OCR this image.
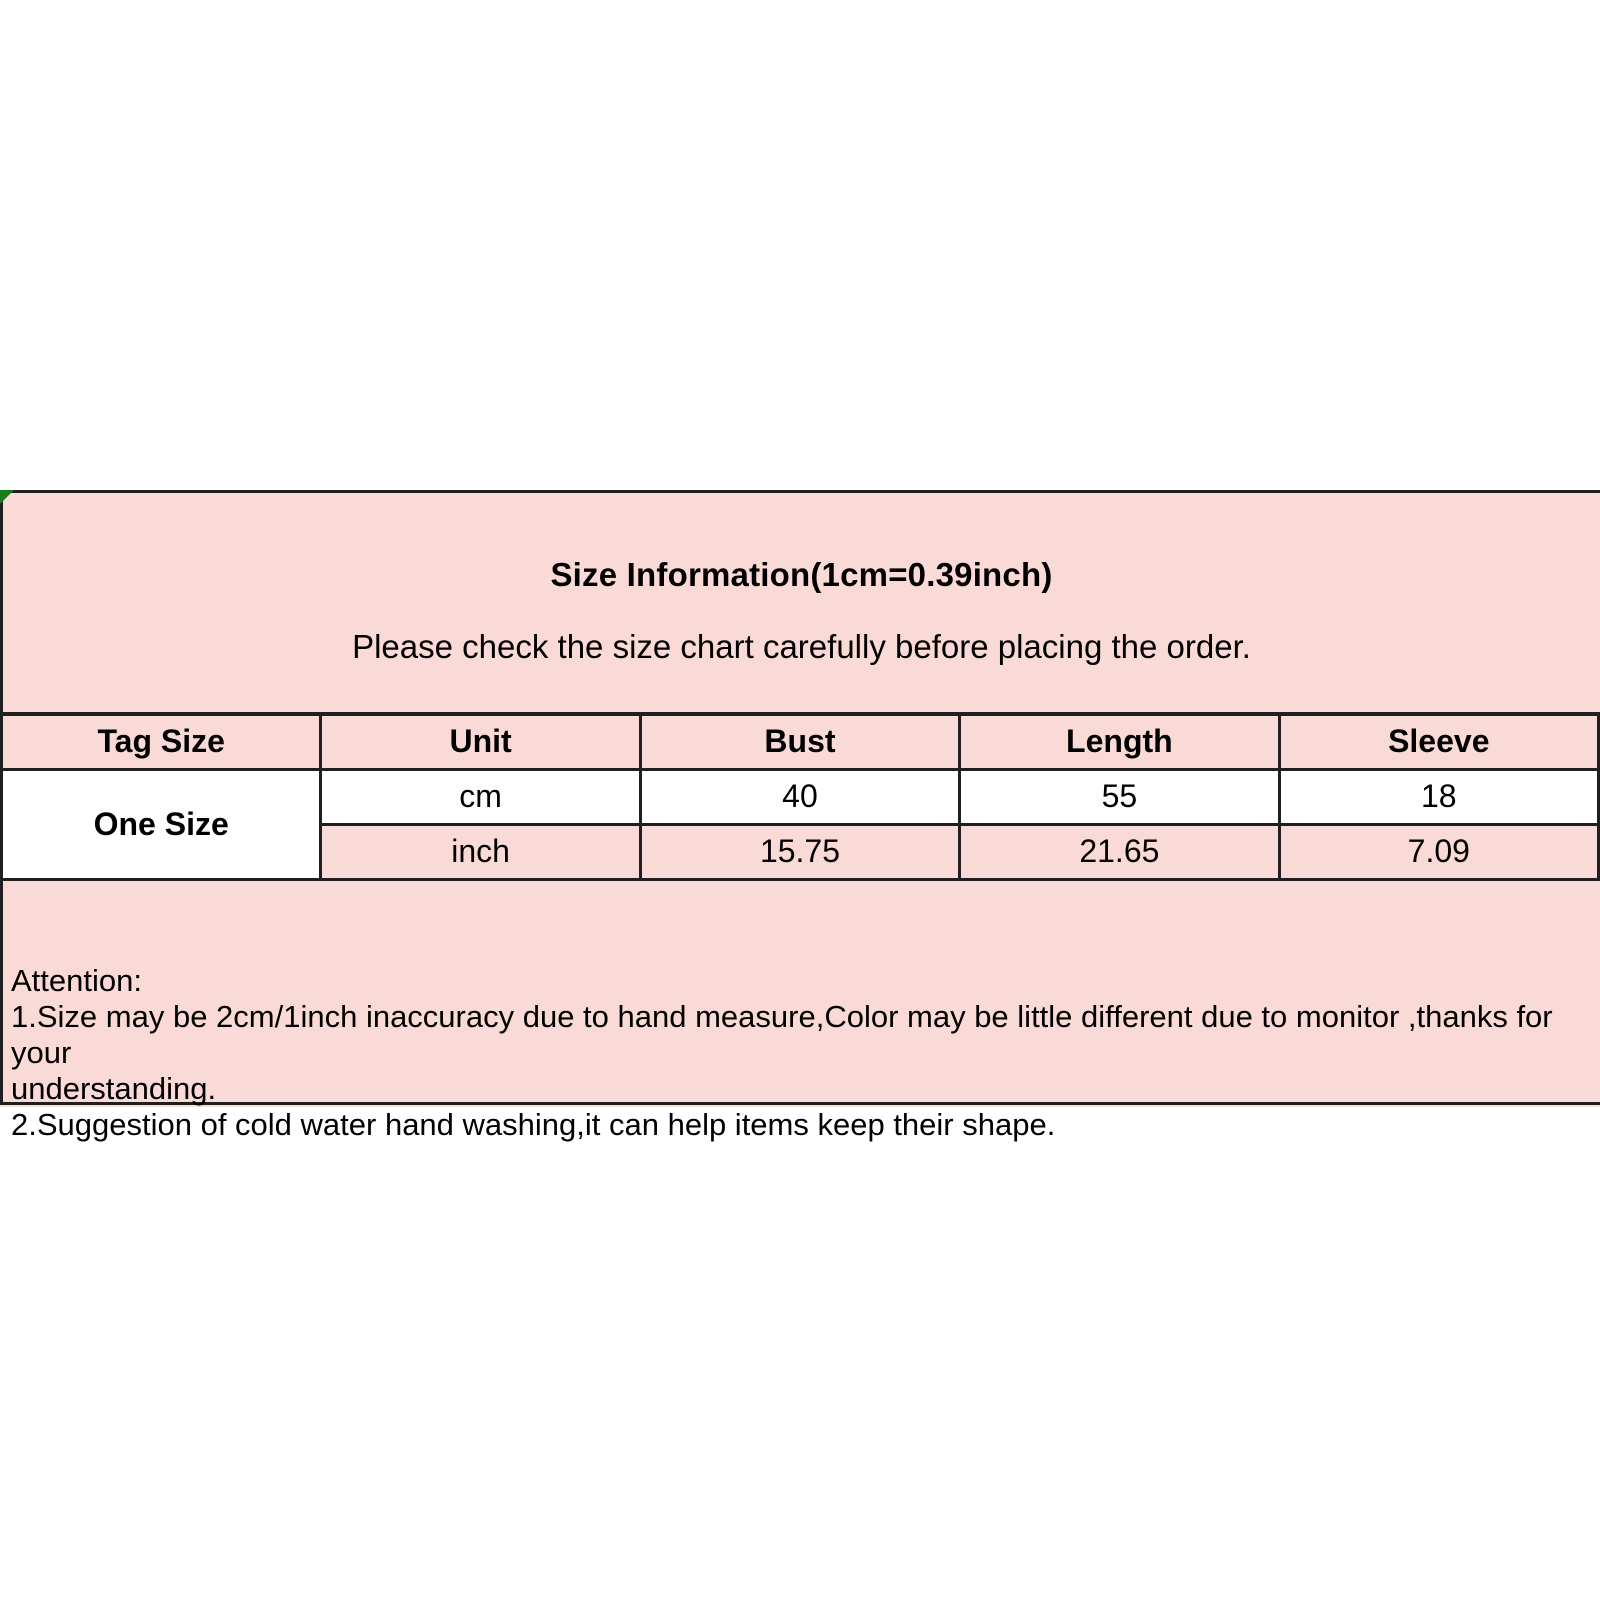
Size Information(1cm=0.39inch)
Please check the size chart carefully before placing the order.
Tag Size	Unit	Bust	Length	Sleeve
One Size	cm	40	55	18
	inch	15.75	21.65	7.09
Attention:
1.Size may be 2cm/1inch inaccuracy due to hand measure,Color may be little different due to monitor ,thanks for your
understanding.
2.Suggestion of cold water hand washing,it can help items keep their shape.
